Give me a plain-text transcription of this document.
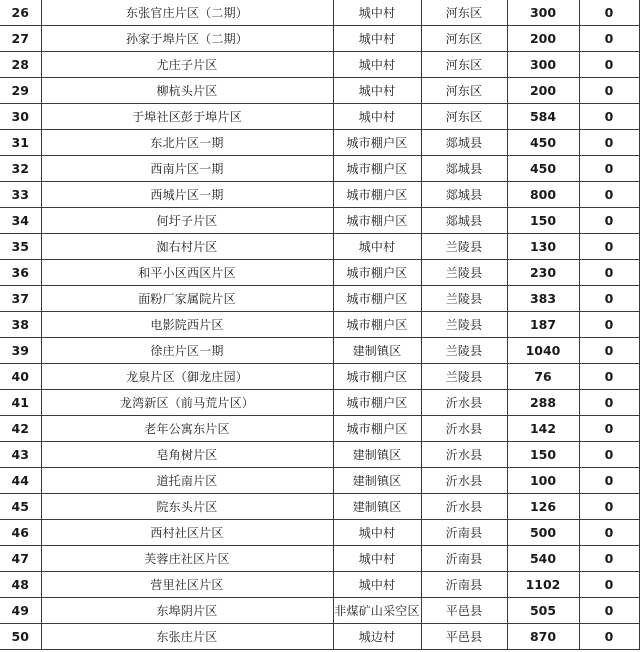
26	东张官庄片区（二期）	城中村	河东区	300	0
27	孙家于埠片区（二期）	城中村	河东区	200	0
28	尤庄子片区	城中村	河东区	300	0
29	柳杭头片区	城中村	河东区	200	0
30	于埠社区彭于埠片区	城中村	河东区	584	0
31	东北片区一期	城市棚户区	郯城县	450	0
32	西南片区一期	城市棚户区	郯城县	450	0
33	西城片区一期	城市棚户区	郯城县	800	0
34	何圩子片区	城市棚户区	郯城县	150	0
35	洳右村片区	城中村	兰陵县	130	0
36	和平小区西区片区	城市棚户区	兰陵县	230	0
37	面粉厂家属院片区	城市棚户区	兰陵县	383	0
38	电影院西片区	城市棚户区	兰陵县	187	0
39	徐庄片区一期	建制镇区	兰陵县	1040	0
40	龙泉片区（御龙庄园）	城市棚户区	兰陵县	76	0
41	龙湾新区（前马荒片区）	城市棚户区	沂水县	288	0
42	老年公寓东片区	城市棚户区	沂水县	142	0
43	皂角树片区	建制镇区	沂水县	150	0
44	道托南片区	建制镇区	沂水县	100	0
45	院东头片区	建制镇区	沂水县	126	0
46	西村社区片区	城中村	沂南县	500	0
47	芙蓉庄社区片区	城中村	沂南县	540	0
48	营里社区片区	城中村	沂南县	1102	0
49	东埠阴片区	非煤矿山采空区	平邑县	505	0
50	东张庄片区	城边村	平邑县	870	0
